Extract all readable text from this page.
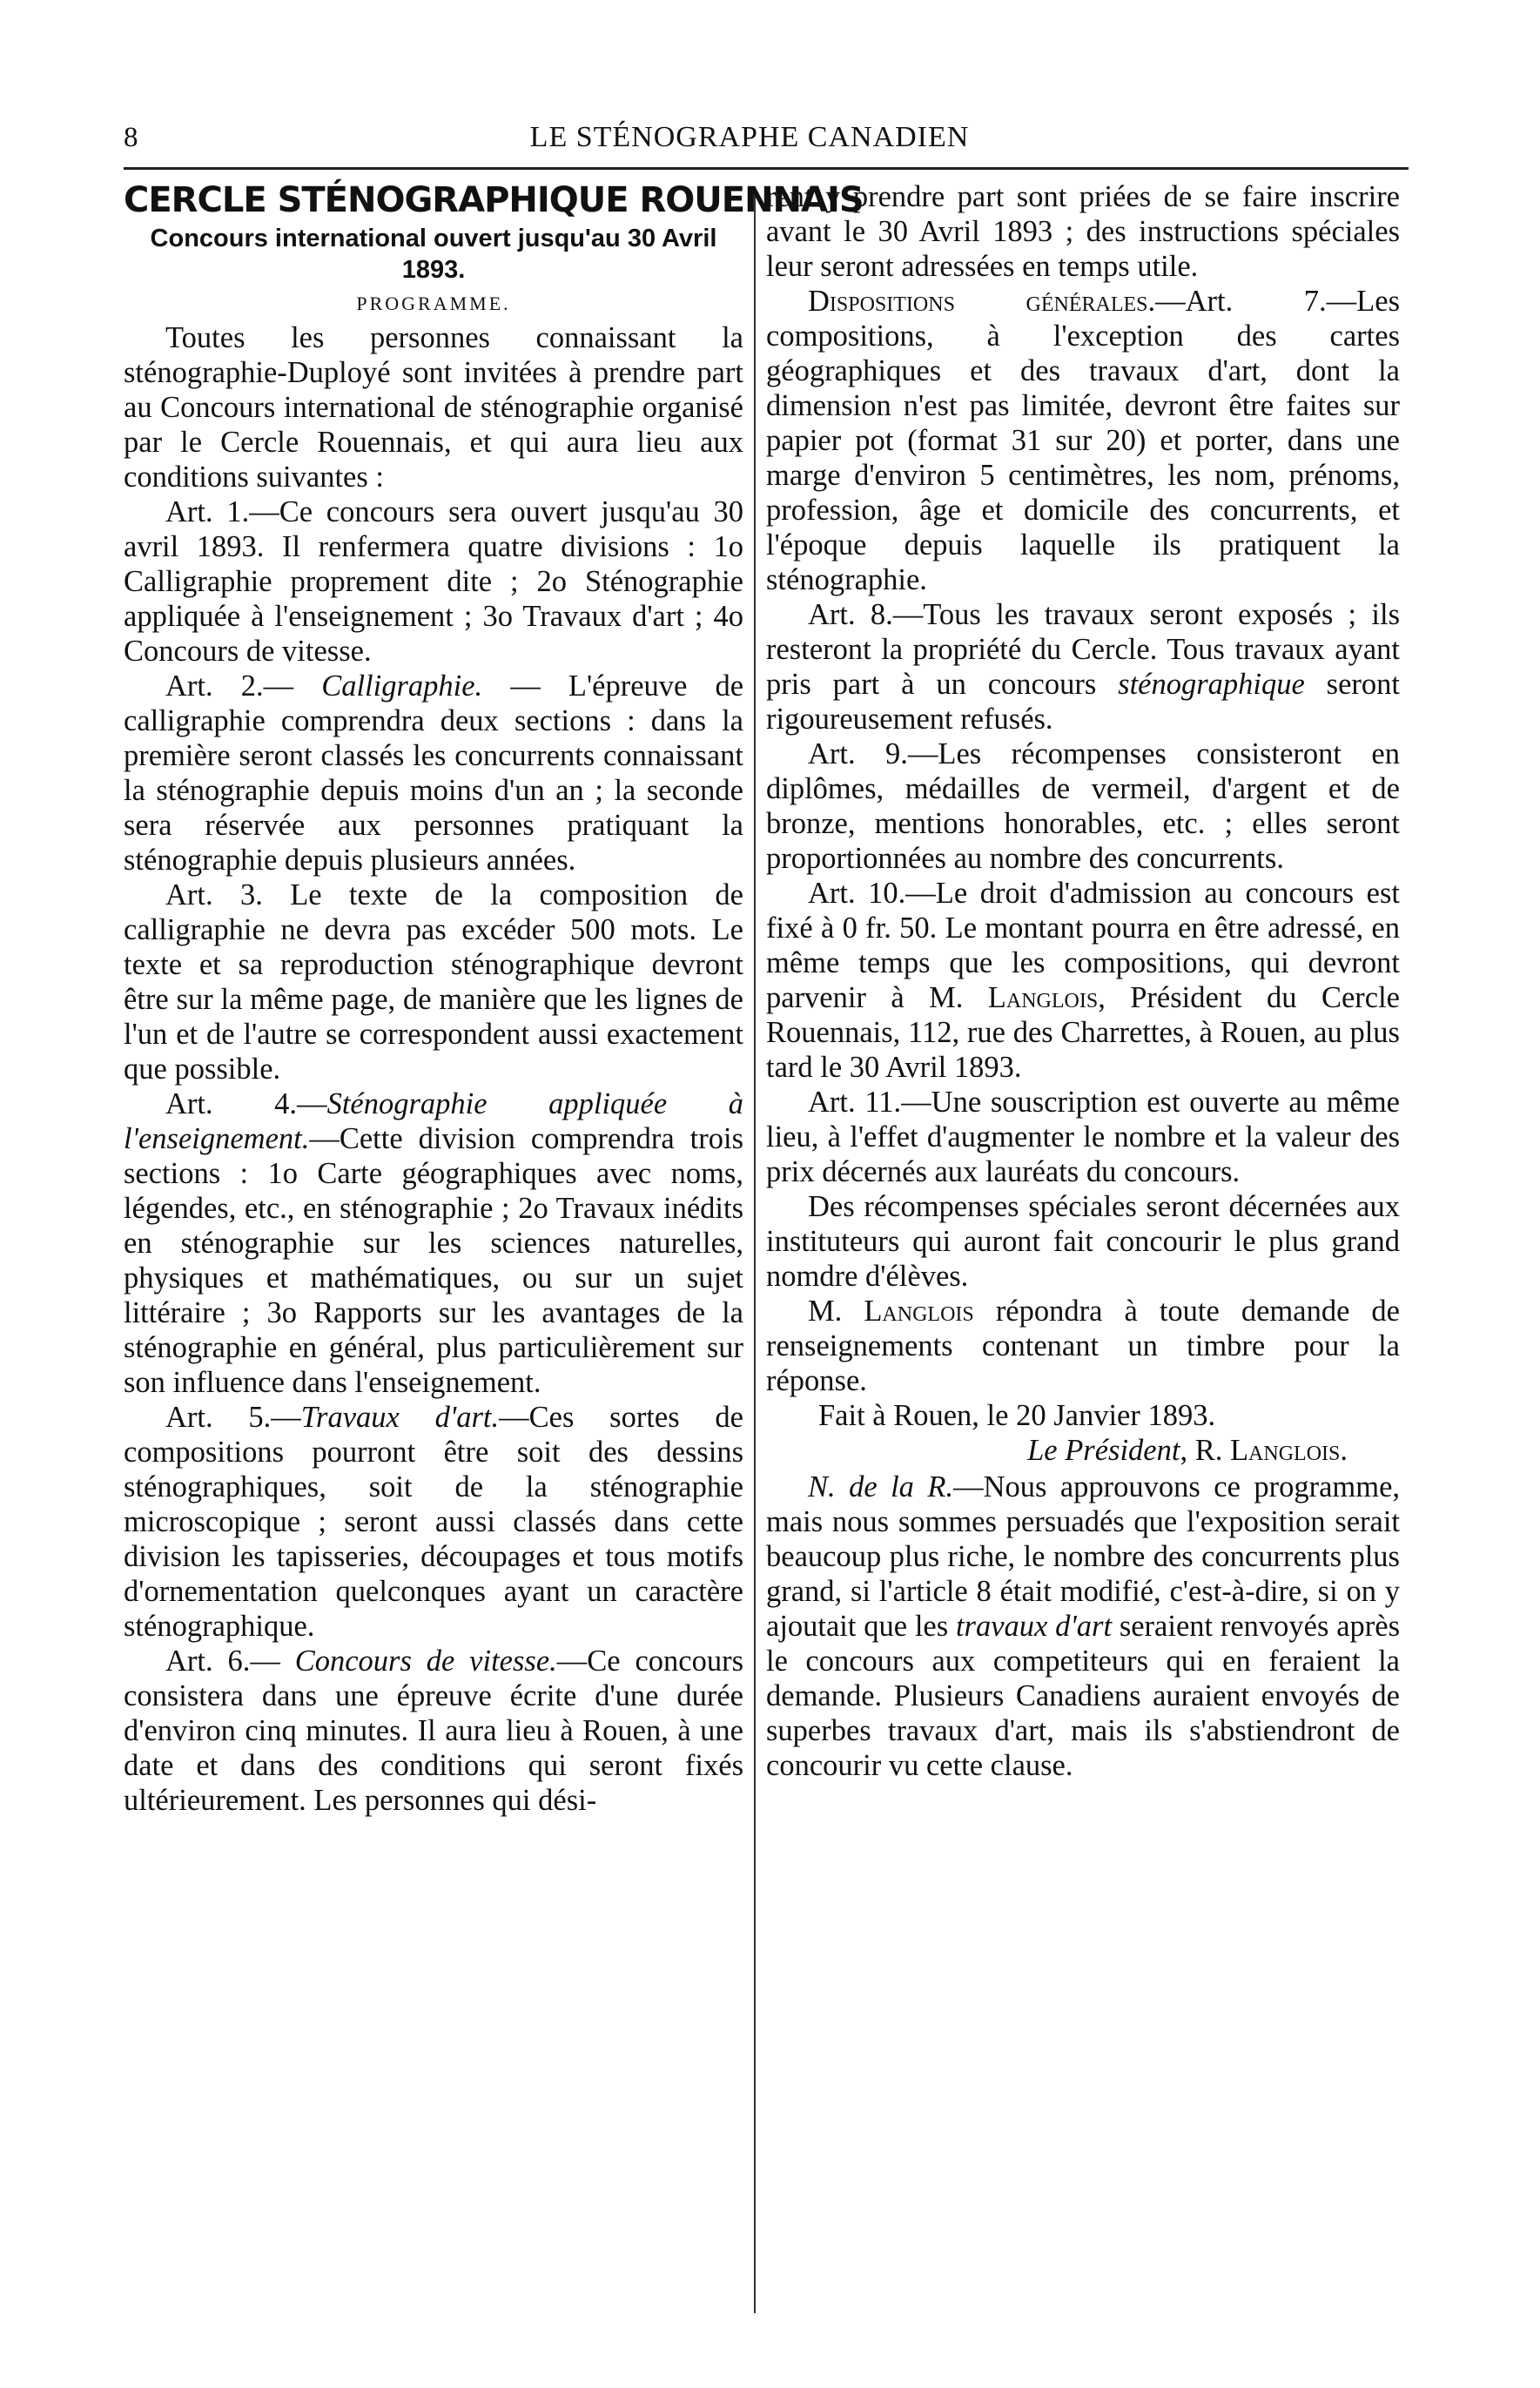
8	LE STÉNOGRAPHE CANADIEN
CERCLE STÉNOGRAPHIQUE ROUENNAIS
Concours international ouvert jusqu'au 30 Avril 1893.
PROGRAMME.

Toutes les personnes connaissant la sténographie-Duployé sont invitées à prendre part au Concours international de sténographie organisé par le Cercle Rouennais, et qui aura lieu aux conditions suivantes :

Art. 1.—Ce concours sera ouvert jusqu'au 30 avril 1893. Il renfermera quatre divisions : 1o Calligraphie proprement dite ; 2o Sténographie appliquée à l'enseignement ; 3o Travaux d'art ; 4o Concours de vitesse.

Art. 2.— Calligraphie. — L'épreuve de calligraphie comprendra deux sections : dans la première seront classés les concurrents connaissant la sténographie depuis moins d'un an ; la seconde sera réservée aux personnes pratiquant la sténographie depuis plusieurs années.

Art. 3. Le texte de la composition de calligraphie ne devra pas excéder 500 mots. Le texte et sa reproduction sténographique devront être sur la même page, de manière que les lignes de l'un et de l'autre se correspondent aussi exactement que possible.

Art. 4.—Sténographie appliquée à l'enseignement.—Cette division comprendra trois sections : 1o Carte géographiques avec noms, légendes, etc., en sténographie ; 2o Travaux inédits en sténographie sur les sciences naturelles, physiques et mathématiques, ou sur un sujet littéraire ; 3o Rapports sur les avantages de la sténographie en général, plus particulièrement sur son influence dans l'enseignement.

Art. 5.—Travaux d'art.—Ces sortes de compositions pourront être soit des dessins sténographiques, soit de la sténographie microscopique ; seront aussi classés dans cette division les tapisseries, découpages et tous motifs d'ornementation quelconques ayant un caractère sténographique.

Art. 6.— Concours de vitesse.—Ce concours consistera dans une épreuve écrite d'une durée d'environ cinq minutes. Il aura lieu à Rouen, à une date et dans des conditions qui seront fixés ultérieurement. Les personnes qui dési-

rent y prendre part sont priées de se faire inscrire avant le 30 Avril 1893 ; des instructions spéciales leur seront adressées en temps utile.

Dispositions générales.—Art. 7.—Les compositions, à l'exception des cartes géographiques et des travaux d'art, dont la dimension n'est pas limitée, devront être faites sur papier pot (format 31 sur 20) et porter, dans une marge d'environ 5 centimètres, les nom, prénoms, profession, âge et domicile des concurrents, et l'époque depuis laquelle ils pratiquent la sténographie.

Art. 8.—Tous les travaux seront exposés ; ils resteront la propriété du Cercle. Tous travaux ayant pris part à un concours sténographique seront rigoureusement refusés.

Art. 9.—Les récompenses consisteront en diplômes, médailles de vermeil, d'argent et de bronze, mentions honorables, etc. ; elles seront proportionnées au nombre des concurrents.

Art. 10.—Le droit d'admission au concours est fixé à 0 fr. 50. Le montant pourra en être adressé, en même temps que les compositions, qui devront parvenir à M. Langlois, Président du Cercle Rouennais, 112, rue des Charrettes, à Rouen, au plus tard le 30 Avril 1893.

Art. 11.—Une souscription est ouverte au même lieu, à l'effet d'augmenter le nombre et la valeur des prix décernés aux lauréats du concours.

Des récompenses spéciales seront décernées aux instituteurs qui auront fait concourir le plus grand nomdre d'élèves.

M. Langlois répondra à toute demande de renseignements contenant un timbre pour la réponse.

Fait à Rouen, le 20 Janvier 1893.

Le Président, R. Langlois.

N. de la R.—Nous approuvons ce programme, mais nous sommes persuadés que l'exposition serait beaucoup plus riche, le nombre des concurrents plus grand, si l'article 8 était modifié, c'est-à-dire, si on y ajoutait que les travaux d'art seraient renvoyés après le concours aux competiteurs qui en feraient la demande. Plusieurs Canadiens auraient envoyés de superbes travaux d'art, mais ils s'abstiendront de concourir vu cette clause.
